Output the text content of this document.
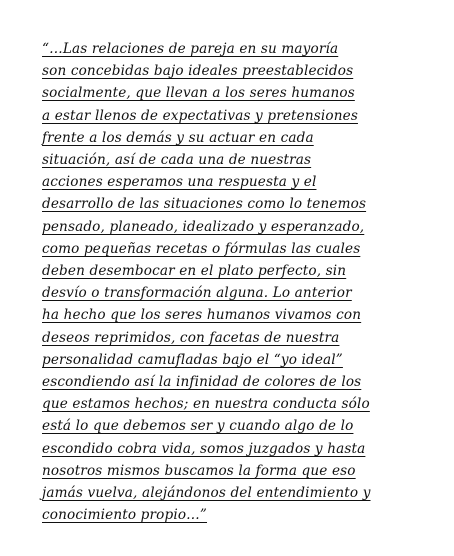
“…Las relaciones de pareja en su mayoría
son concebidas bajo ideales preestablecidos
socialmente, que llevan a los seres humanos
a estar llenos de expectativas y pretensiones
frente a los demás y su actuar en cada
situación, así de cada una de nuestras
acciones esperamos una respuesta y el
desarrollo de las situaciones como lo tenemos
pensado, planeado, idealizado y esperanzado,
como pequeñas recetas o fórmulas las cuales
deben desembocar en el plato perfecto, sin
desvío o transformación alguna. Lo anterior
ha hecho que los seres humanos vivamos con
deseos reprimidos, con facetas de nuestra
personalidad camufladas bajo el “yo ideal”
escondiendo así la infinidad de colores de los
que estamos hechos; en nuestra conducta sólo
está lo que debemos ser y cuando algo de lo
escondido cobra vida, somos juzgados y hasta
nosotros mismos buscamos la forma que eso
jamás vuelva, alejándonos del entendimiento y
conocimiento propio…”
